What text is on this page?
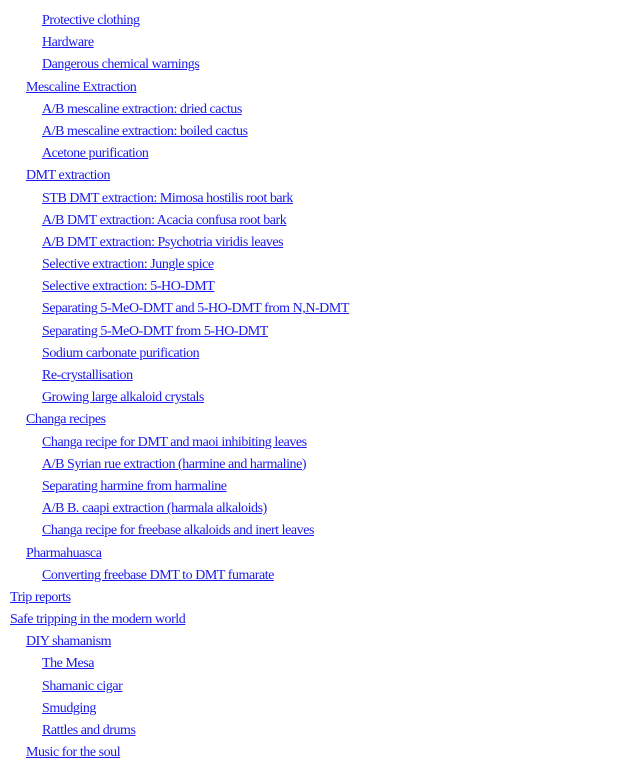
Protective clothing
Hardware
Dangerous chemical warnings
Mescaline Extraction
A/B mescaline extraction: dried cactus
A/B mescaline extraction: boiled cactus
Acetone purification
DMT extraction
STB DMT extraction: Mimosa hostilis root bark
A/B DMT extraction: Acacia confusa root bark
A/B DMT extraction: Psychotria viridis leaves
Selective extraction: Jungle spice
Selective extraction: 5-HO-DMT
Separating 5-MeO-DMT and 5-HO-DMT from N,N-DMT
Separating 5-MeO-DMT from 5-HO-DMT
Sodium carbonate purification
Re-crystallisation
Growing large alkaloid crystals
Changa recipes
Changa recipe for DMT and maoi inhibiting leaves
A/B Syrian rue extraction (harmine and harmaline)
Separating harmine from harmaline
A/B B. caapi extraction (harmala alkaloids)
Changa recipe for freebase alkaloids and inert leaves
Pharmahuasca
Converting freebase DMT to DMT fumarate
Trip reports
Safe tripping in the modern world
DIY shamanism
The Mesa
Shamanic cigar
Smudging
Rattles and drums
Music for the soul
